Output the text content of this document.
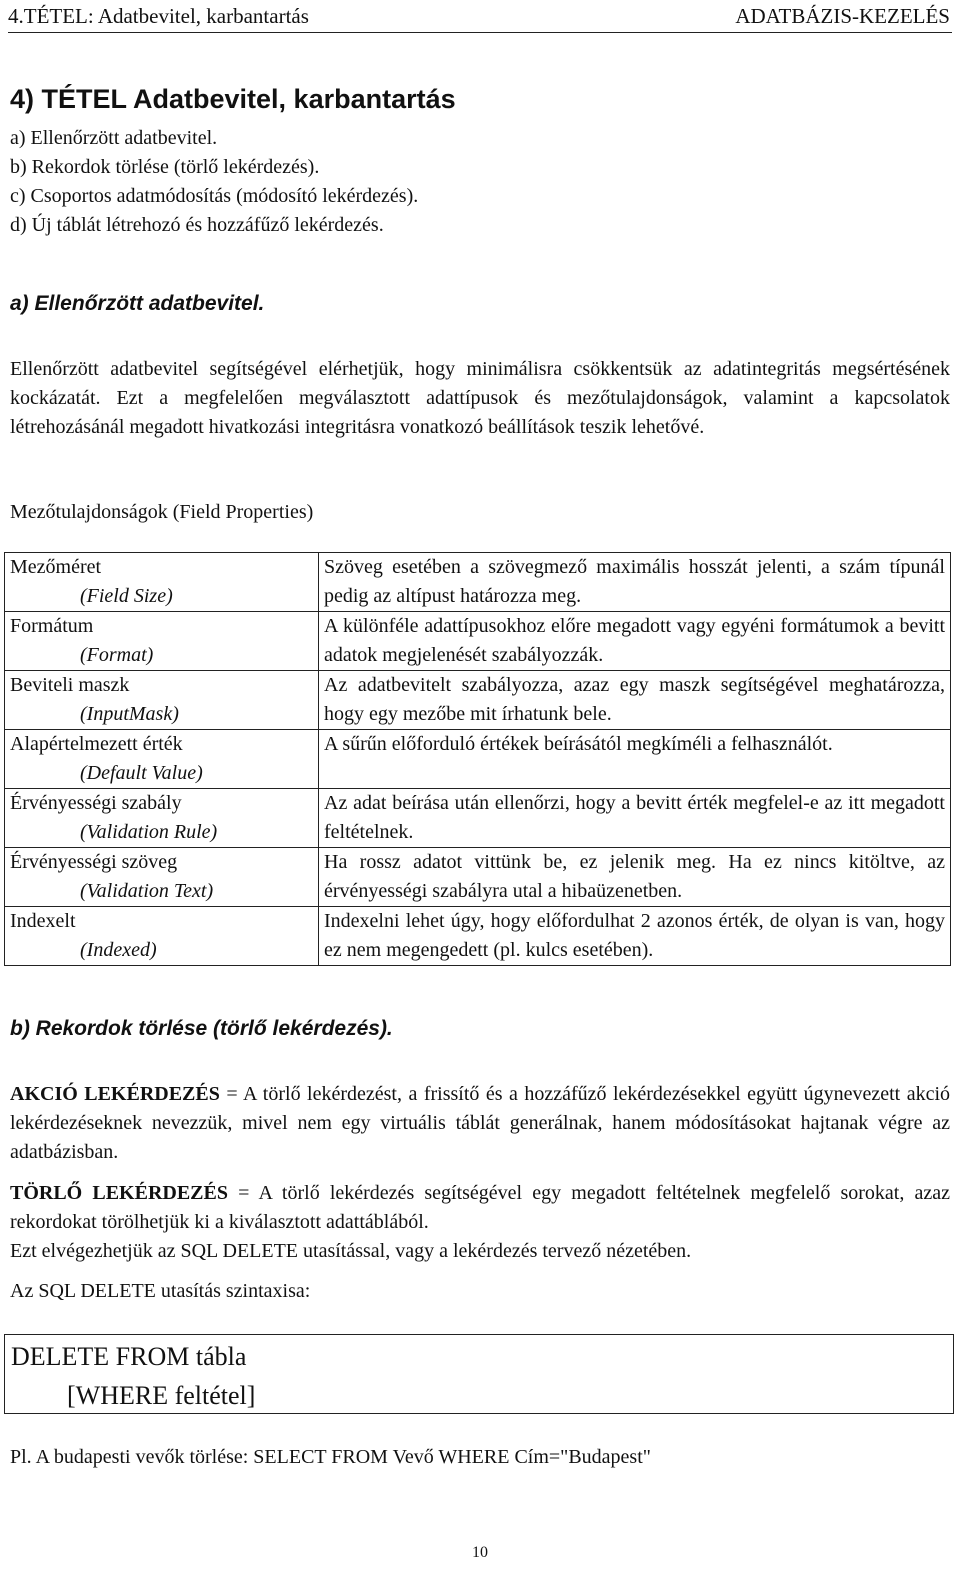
4.TÉTEL: Adatbevitel, karbantartás	ADATBÁZIS-KEZELÉS
4) TÉTEL Adatbevitel, karbantartás
a) Ellenőrzött adatbevitel.
b) Rekordok törlése (törlő lekérdezés).
c) Csoportos adatmódosítás (módosító lekérdezés).
d) Új táblát létrehozó és hozzáfűző lekérdezés.
a) Ellenőrzött adatbevitel.
Ellenőrzött adatbevitel segítségével elérhetjük, hogy minimálisra csökkentsük az adatintegritás megsértésének kockázatát. Ezt a megfelelően megválasztott adattípusok és mezőtulajdonságok, valamint a kapcsolatok létrehozásánál megadott hivatkozási integritásra vonatkozó beállítások teszik lehetővé.
Mezőtulajdonságok (Field Properties)
Mezőméret
(Field Size)	Szöveg esetében a szövegmező maximális hosszát jelenti, a szám típunál pedig az altípust határozza meg.

Formátum
(Format)	A különféle adattípusokhoz előre megadott vagy egyéni formátumok a bevitt adatok megjelenését szabályozzák.

Beviteli maszk
(InputMask)	Az adatbevitelt szabályozza, azaz egy maszk segítségével meghatározza, hogy egy mezőbe mit írhatunk bele.

Alapértelmezett érték
(Default Value)	A sűrűn előforduló értékek beírásától megkíméli a felhasználót.

Érvényességi szabály
(Validation Rule)	Az adat beírása után ellenőrzi, hogy a bevitt érték megfelel-e az itt megadott feltételnek.

Érvényességi szöveg
(Validation Text)	Ha rossz adatot vittünk be, ez jelenik meg. Ha ez nincs kitöltve, az érvényességi szabályra utal a hibaüzenetben.

Indexelt
(Indexed)	Indexelni lehet úgy, hogy előfordulhat 2 azonos érték, de olyan is van, hogy ez nem megengedett (pl. kulcs esetében).
b) Rekordok törlése (törlő lekérdezés).
AKCIÓ LEKÉRDEZÉS = A törlő lekérdezést, a frissítő és a hozzáfűző lekérdezésekkel együtt úgynevezett akció lekérdezéseknek nevezzük, mivel nem egy virtuális táblát generálnak, hanem módosításokat hajtanak végre az adatbázisban.
TÖRLŐ LEKÉRDEZÉS = A törlő lekérdezés segítségével egy megadott feltételnek megfelelő sorokat, azaz rekordokat törölhetjük ki a kiválasztott adattáblából.
Ezt elvégezhetjük az SQL DELETE utasítással, vagy a lekérdezés tervező nézetében.
Az SQL DELETE utasítás szintaxisa:
DELETE FROM tábla
[WHERE feltétel]
Pl. A budapesti vevők törlése: SELECT FROM Vevő WHERE Cím="Budapest"
10
